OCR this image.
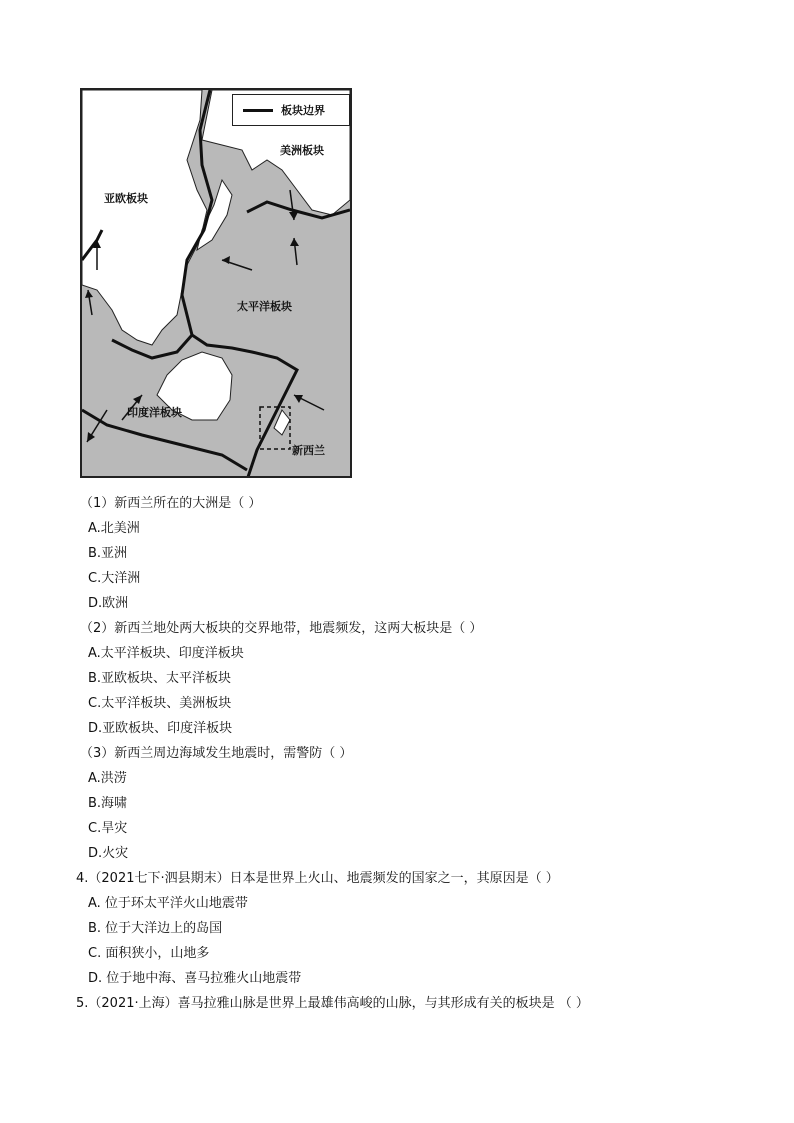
板块边界
美洲板块
亚欧板块
太平洋板块
印度洋板块
新西兰
（1）新西兰所在的大洲是（ ）
A.北美洲
B.亚洲
C.大洋洲
D.欧洲
（2）新西兰地处两大板块的交界地带，地震频发，这两大板块是（ ）
A.太平洋板块、印度洋板块
B.亚欧板块、太平洋板块
C.太平洋板块、美洲板块
D.亚欧板块、印度洋板块
（3）新西兰周边海域发生地震时，需警防（ ）
A.洪涝
B.海啸
C.旱灾
D.火灾
4.（2021七下·泗县期末）日本是世界上火山、地震频发的国家之一，其原因是（ ）
A. 位于环太平洋火山地震带
B. 位于大洋边上的岛国
C. 面积狭小，山地多
D. 位于地中海、喜马拉雅火山地震带
5.（2021·上海）喜马拉雅山脉是世界上最雄伟高峻的山脉，与其形成有关的板块是 （ ）
